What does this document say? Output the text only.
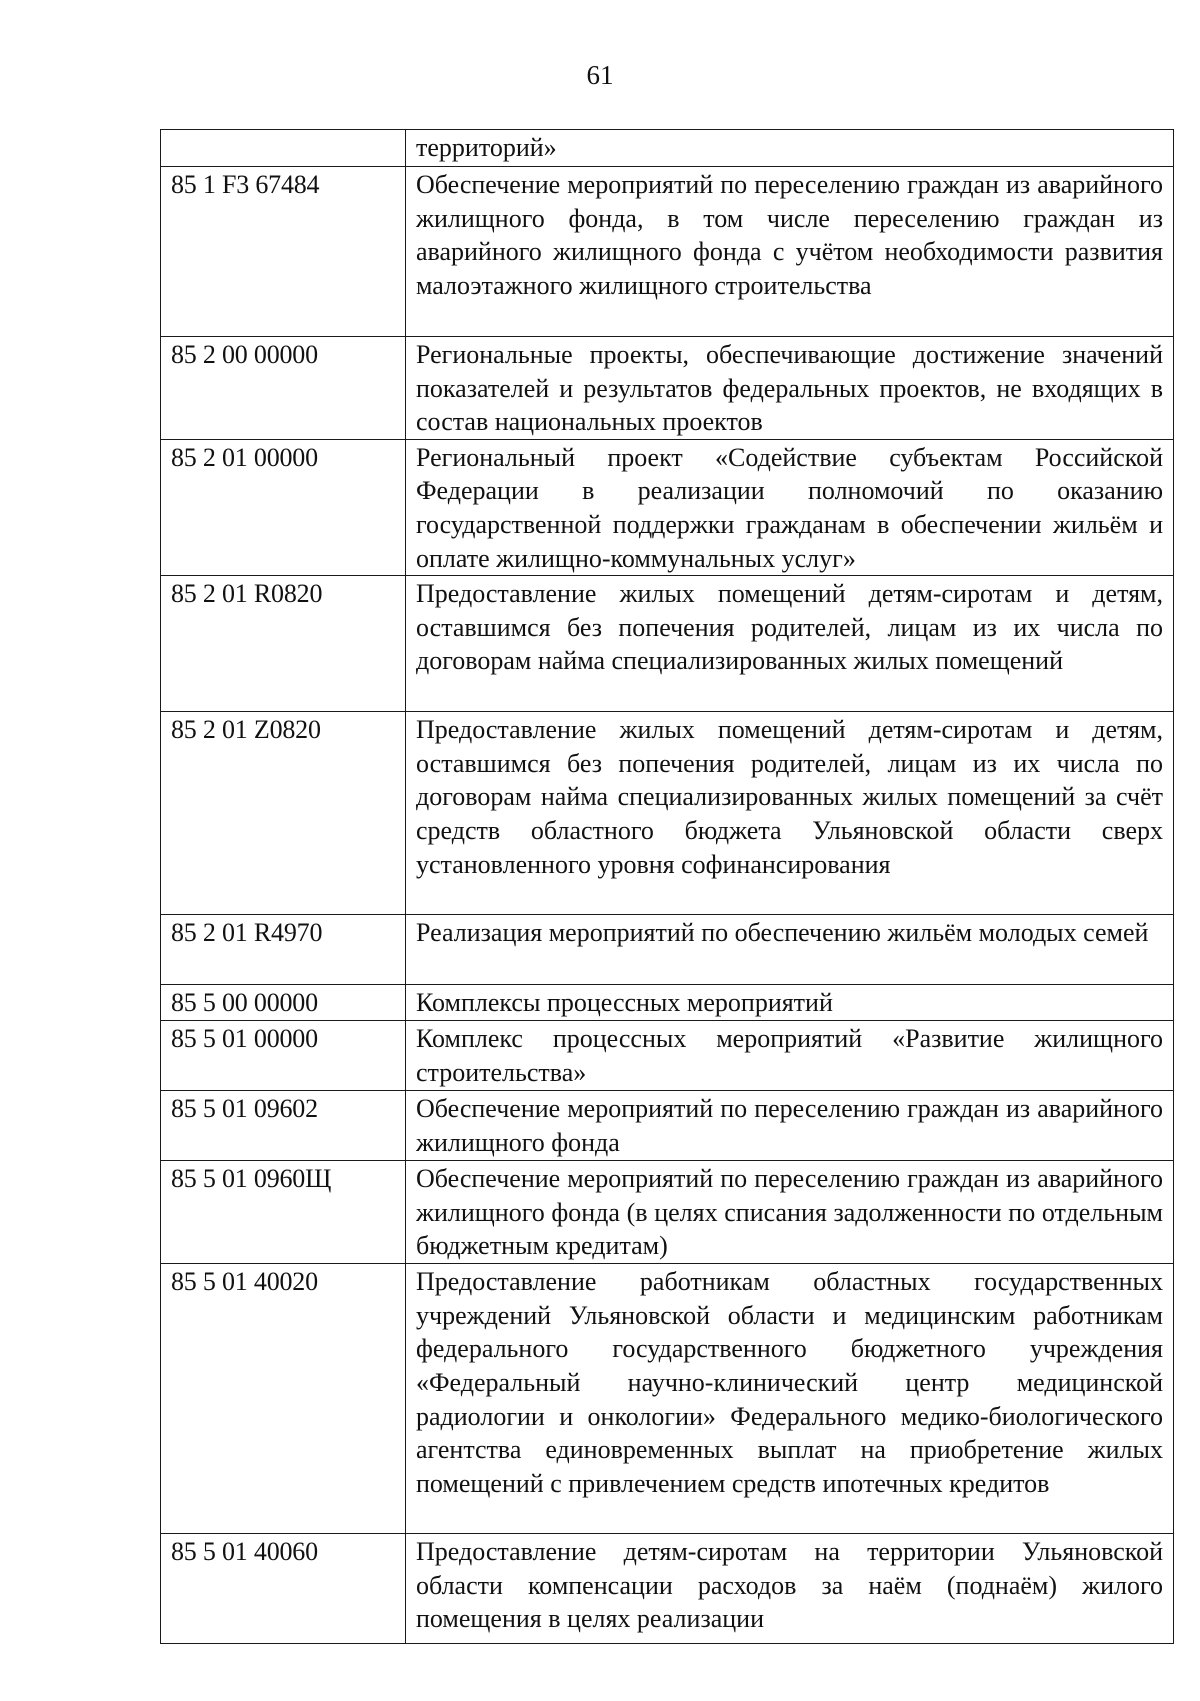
61
	территорий»
85 1 F3 67484	Обеспечение мероприятий по переселению граждан из аварийного жилищного фонда, в том числе переселению граждан из аварийного жилищного фонда с учётом необходимости развития малоэтажного жилищного строительства
85 2 00 00000	Региональные проекты, обеспечивающие достижение значений показателей и результатов федеральных проектов, не входящих в состав национальных проектов
85 2 01 00000	Региональный проект «Содействие субъектам Российской Федерации в реализации полномочий по оказанию государственной поддержки гражданам в обеспечении жильём и оплате жилищно-коммунальных услуг»
85 2 01 R0820	Предоставление жилых помещений детям-сиротам и детям, оставшимся без попечения родителей, лицам из их числа по договорам найма специализированных жилых помещений
85 2 01 Z0820	Предоставление жилых помещений детям-сиротам и детям, оставшимся без попечения родителей, лицам из их числа по договорам найма специализированных жилых помещений за счёт средств областного бюджета Ульяновской области сверх установленного уровня софинансирования
85 2 01 R4970	Реализация мероприятий по обеспечению жильём молодых семей
85 5 00 00000	Комплексы процессных мероприятий
85 5 01 00000	Комплекс процессных мероприятий «Развитие жилищного строительства»
85 5 01 09602	Обеспечение мероприятий по переселению граждан из аварийного жилищного фонда
85 5 01 0960Щ	Обеспечение мероприятий по переселению граждан из аварийного жилищного фонда (в целях списания задолженности по отдельным бюджетным кредитам)
85 5 01 40020	Предоставление работникам областных государственных учреждений Ульяновской области и медицинским работникам федерального государственного бюджетного учреждения «Федеральный научно-клинический центр медицинской радиологии и онкологии» Федерального медико-биологического агентства единовременных выплат на приобретение жилых помещений с привлечением средств ипотечных кредитов
85 5 01 40060	Предоставление детям-сиротам на территории Ульяновской области компенсации расходов за наём (поднаём) жилого помещения в целях реализации
